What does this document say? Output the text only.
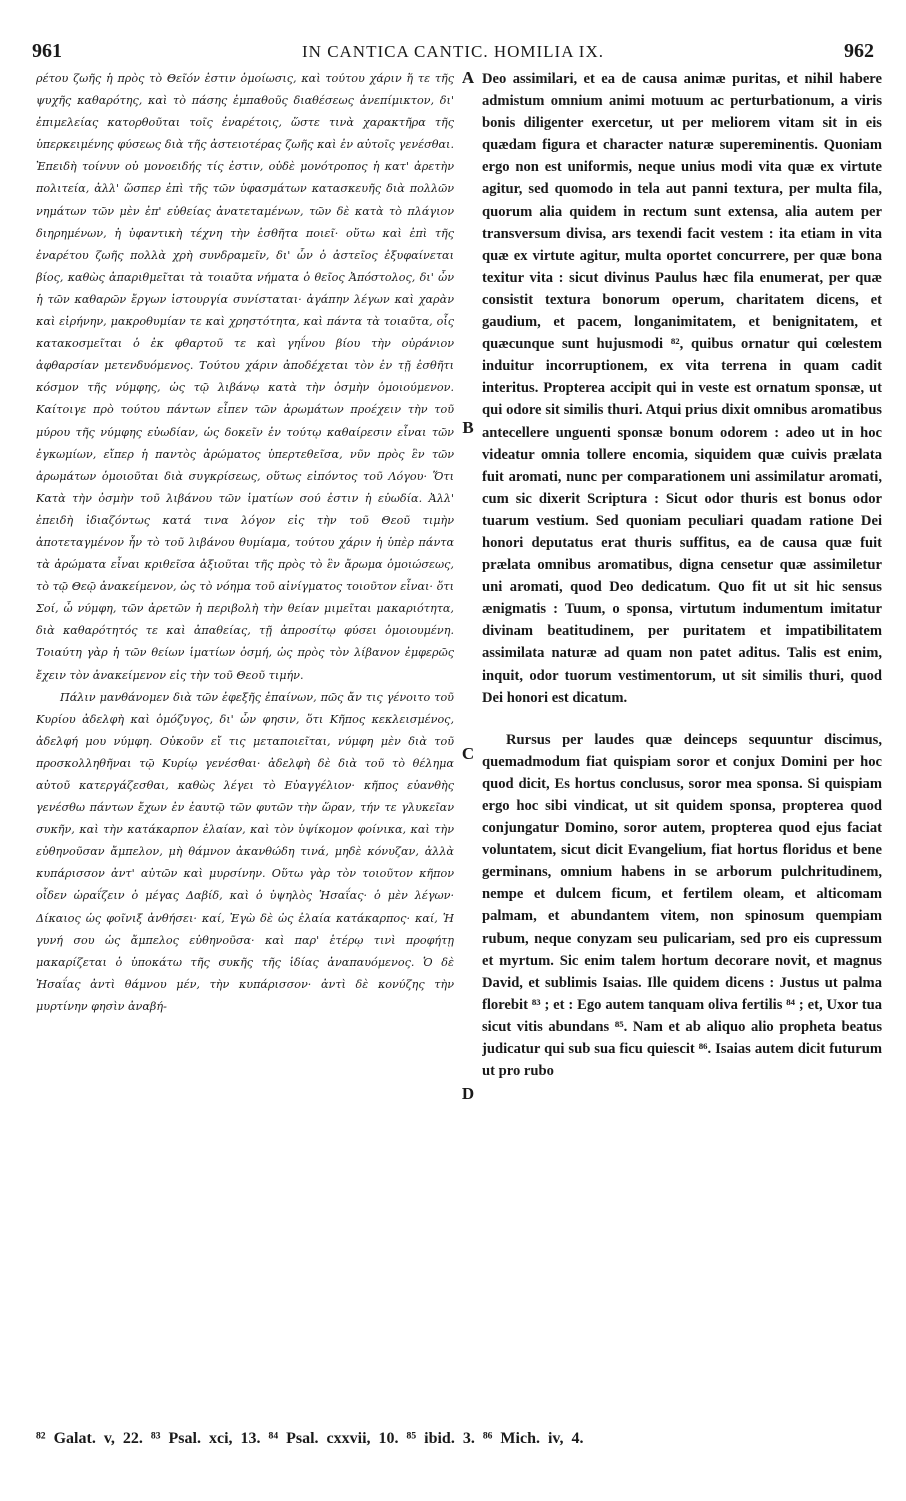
961	IN CANTICA CANTIC. HOMILIA IX.	962

ρέτου ζωῆς ἡ πρὸς τὸ Θεῖόν ἐστιν ὁμοίωσις, καὶ τούτου χάριν ἥ τε τῆς ψυχῆς καθαρότης, καὶ τὸ πάσης ἐμπαθοῦς διαθέσεως ἀνεπίμικτον, δι' ἐπιμελείας κατορθοῦται τοῖς ἐναρέτοις, ὥστε τινὰ χαρακτῆρα τῆς ὑπερκειμένης φύσεως διὰ τῆς ἀστειοτέρας ζωῆς καὶ ἐν αὐτοῖς γενέσθαι. Ἐπειδὴ τοίνυν οὐ μονοειδής τίς ἐστιν, οὐδὲ μονότροπος ἡ κατ' ἀρετὴν πολιτεία, ἀλλ' ὥσπερ ἐπὶ τῆς τῶν ὑφασμάτων κατασκευῆς διὰ πολλῶν νημάτων τῶν μὲν ἐπ' εὐθείας ἀνατεταμένων, τῶν δὲ κατὰ τὸ πλάγιον διηρημένων, ἡ ὑφαντικὴ τέχνη τὴν ἐσθῆτα ποιεῖ· οὕτω καὶ ἐπὶ τῆς ἐναρέτου ζωῆς πολλὰ χρὴ συνδραμεῖν, δι' ὧν ὁ ἀστεῖος ἐξυφαίνεται βίος, καθὼς ἀπαριθμεῖται τὰ τοιαῦτα νήματα ὁ θεῖος Ἀπόστολος, δι' ὧν ἡ τῶν καθαρῶν ἔργων ἱστουργία συνίσταται· ἀγάπην λέγων καὶ χαρὰν καὶ εἰρήνην, μακροθυμίαν τε καὶ χρηστότητα, καὶ πάντα τὰ τοιαῦτα, οἷς κατακοσμεῖται ὁ ἐκ φθαρτοῦ τε καὶ γηΐνου βίου τὴν οὐράνιον ἀφθαρσίαν μετενδυόμενος. Τούτου χάριν ἀποδέχεται τὸν ἐν τῇ ἐσθῆτι κόσμον τῆς νύμφης, ὡς τῷ λιβάνῳ κατὰ τὴν ὀσμὴν ὁμοιούμενον. Καίτοιγε πρὸ τούτου πάντων εἶπεν τῶν ἀρωμάτων προέχειν τὴν τοῦ μύρου τῆς νύμφης εὐωδίαν, ὡς δοκεῖν ἐν τούτῳ καθαίρεσιν εἶναι τῶν ἐγκωμίων, εἴπερ ἡ παντὸς ἀρώματος ὑπερτεθεῖσα, νῦν πρὸς ἓν τῶν ἀρωμάτων ὁμοιοῦται διὰ συγκρίσεως, οὕτως εἰπόντος τοῦ Λόγου· Ὅτι Κατὰ τὴν ὀσμὴν τοῦ λιβάνου τῶν ἱματίων σού ἐστιν ἡ εὐωδία. Ἀλλ' ἐπειδὴ ἰδιαζόντως κατά τινα λόγον εἰς τὴν τοῦ Θεοῦ τιμὴν ἀποτεταγμένον ἦν τὸ τοῦ λιβάνου θυμίαμα, τούτου χάριν ἡ ὑπὲρ πάντα τὰ ἀρώματα εἶναι κριθεῖσα ἀξιοῦται τῆς πρὸς τὸ ἓν ἄρωμα ὁμοιώσεως, τὸ τῷ Θεῷ ἀνακείμενον, ὡς τὸ νόημα τοῦ αἰνίγματος τοιοῦτον εἶναι· ὅτι Σοί, ὦ νύμφη, τῶν ἀρετῶν ἡ περιβολὴ τὴν θείαν μιμεῖται μακαριότητα, διὰ καθαρότητός τε καὶ ἀπαθείας, τῇ ἀπροσίτῳ φύσει ὁμοιουμένη. Τοιαύτη γὰρ ἡ τῶν θείων ἱματίων ὀσμή, ὡς πρὸς τὸν λίβανον ἐμφερῶς ἔχειν τὸν ἀνακείμενον εἰς τὴν τοῦ Θεοῦ τιμήν.

Πάλιν μανθάνομεν διὰ τῶν ἐφεξῆς ἐπαίνων, πῶς ἄν τις γένοιτο τοῦ Κυρίου ἀδελφὴ καὶ ὁμόζυγος, δι' ὧν φησιν, ὅτι Κῆπος κεκλεισμένος, ἀδελφή μου νύμφη. Οὐκοῦν εἴ τις μεταποιεῖται, νύμφη μὲν διὰ τοῦ προσκολληθῆναι τῷ Κυρίῳ γενέσθαι· ἀδελφὴ δὲ διὰ τοῦ τὸ θέλημα αὐτοῦ κατεργάζεσθαι, καθὼς λέγει τὸ Εὐαγγέλιον· κῆπος εὐανθὴς γενέσθω πάντων ἔχων ἐν ἑαυτῷ τῶν φυτῶν τὴν ὥραν, τήν τε γλυκεῖαν συκῆν, καὶ τὴν κατάκαρπον ἐλαίαν, καὶ τὸν ὑψίκομον φοίνικα, καὶ τὴν εὐθηνοῦσαν ἄμπελον, μὴ θάμνον ἀκανθώδη τινά, μηδὲ κόνυζαν, ἀλλὰ κυπάρισσον ἀντ' αὐτῶν καὶ μυρσίνην. Οὕτω γὰρ τὸν τοιοῦτον κῆπον οἶδεν ὡραΐζειν ὁ μέγας Δαβίδ, καὶ ὁ ὑψηλὸς Ἡσαΐας· ὁ μὲν λέγων· Δίκαιος ὡς φοῖνιξ ἀνθήσει· καί, Ἐγὼ δὲ ὡς ἐλαία κατάκαρπος· καί, Ἡ γυνή σου ὡς ἄμπελος εὐθηνοῦσα· καὶ παρ' ἑτέρῳ τινὶ προφήτῃ μακαρίζεται ὁ ὑποκάτω τῆς συκῆς τῆς ἰδίας ἀναπαυόμενος. Ὁ δὲ Ἡσαΐας ἀντὶ θάμνου μέν, τὴν κυπάρισσον· ἀντὶ δὲ κονύζης τὴν μυρτίνην φησὶν ἀναβή-

A
B
C
D

Deo assimilari, et ea de causa animæ puritas, et nihil habere admistum omnium animi motuum ac perturbationum, a viris bonis diligenter exercetur, ut per meliorem vitam sit in eis quædam figura et character naturæ supereminentis. Quoniam ergo non est uniformis, neque unius modi vita quæ ex virtute agitur, sed quomodo in tela aut panni textura, per multa fila, quorum alia quidem in rectum sunt extensa, alia autem per transversum divisa, ars texendi facit vestem : ita etiam in vita quæ ex virtute agitur, multa oportet concurrere, per quæ bona texitur vita : sicut divinus Paulus hæc fila enumerat, per quæ consistit textura bonorum operum, charitatem dicens, et gaudium, et pacem, longanimitatem, et benignitatem, et quæcunque sunt hujusmodi ⁸², quibus ornatur qui cœlestem induitur incorruptionem, ex vita terrena in quam cadit interitus. Propterea accipit qui in veste est ornatum sponsæ, ut qui odore sit similis thuri. Atqui prius dixit omnibus aromatibus antecellere unguenti sponsæ bonum odorem : adeo ut in hoc videatur omnia tollere encomia, siquidem quæ cuivis prælata fuit aromati, nunc per comparationem uni assimilatur aromati, cum sic dixerit Scriptura : Sicut odor thuris est bonus odor tuarum vestium. Sed quoniam peculiari quadam ratione Dei honori deputatus erat thuris suffitus, ea de causa quæ fuit prælata omnibus aromatibus, digna censetur quæ assimiletur uni aromati, quod Deo dedicatum. Quo fit ut sit hic sensus ænigmatis : Tuum, o sponsa, virtutum indumentum imitatur divinam beatitudinem, per puritatem et impatibilitatem assimilata naturæ ad quam non patet aditus. Talis est enim, inquit, odor tuorum vestimentorum, ut sit similis thuri, quod Dei honori est dicatum.

Rursus per laudes quæ deinceps sequuntur discimus, quemadmodum fiat quispiam soror et conjux Domini per hoc quod dicit, Es hortus conclusus, soror mea sponsa. Si quispiam ergo hoc sibi vindicat, ut sit quidem sponsa, propterea quod conjungatur Domino, soror autem, propterea quod ejus faciat voluntatem, sicut dicit Evangelium, fiat hortus floridus et bene germinans, omnium habens in se arborum pulchritudinem, nempe et dulcem ficum, et fertilem oleam, et alticomam palmam, et abundantem vitem, non spinosum quempiam rubum, neque conyzam seu pulicariam, sed pro eis cupressum et myrtum. Sic enim talem hortum decorare novit, et magnus David, et sublimis Isaias. Ille quidem dicens : Justus ut palma florebit ⁸³ ; et : Ego autem tanquam oliva fertilis ⁸⁴ ; et, Uxor tua sicut vitis abundans ⁸⁵. Nam et ab aliquo alio propheta beatus judicatur qui sub sua ficu quiescit ⁸⁶. Isaias autem dicit futurum ut pro rubo

⁸² Galat. v, 22. ⁸³ Psal. xci, 13. ⁸⁴ Psal. cxxvii, 10. ⁸⁵ ibid. 3. ⁸⁶ Mich. iv, 4.
